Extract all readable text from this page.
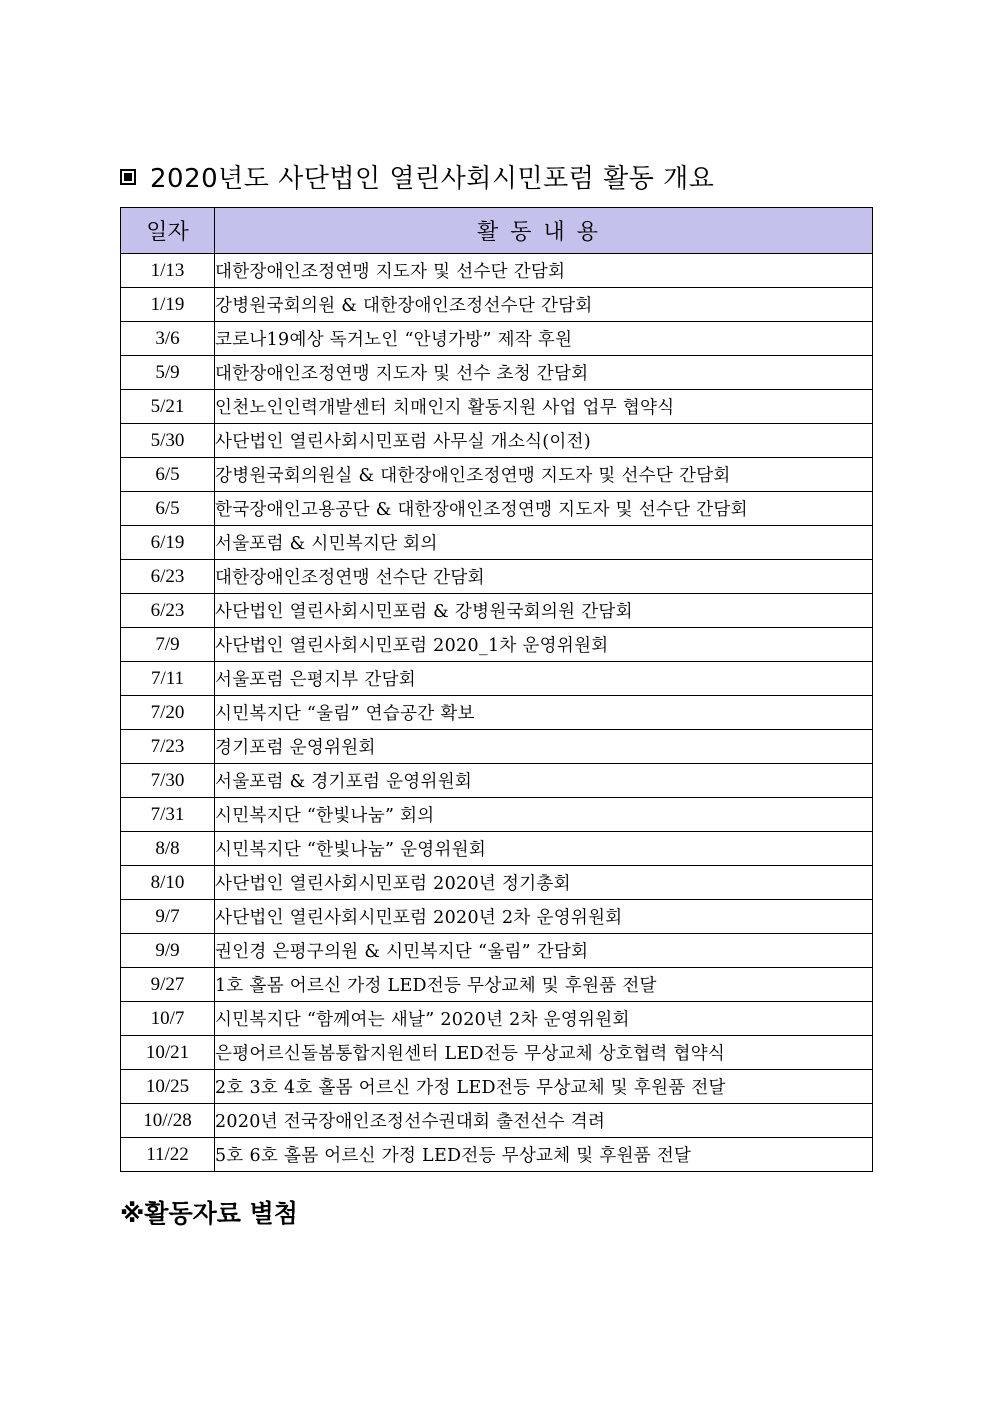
2020년도 사단법인 열린사회시민포럼 활동 개요
일자	활동내용
1/13	대한장애인조정연맹 지도자 및 선수단 간담회
1/19	강병원국회의원 & 대한장애인조정선수단 간담회
3/6	코로나19예상 독거노인 “안녕가방” 제작 후원
5/9	대한장애인조정연맹 지도자 및 선수 초청 간담회
5/21	인천노인인력개발센터 치매인지 활동지원 사업 업무 협약식
5/30	사단법인 열린사회시민포럼 사무실 개소식(이전)
6/5	강병원국회의원실 & 대한장애인조정연맹 지도자 및 선수단 간담회
6/5	한국장애인고용공단 & 대한장애인조정연맹 지도자 및 선수단 간담회
6/19	서울포럼 & 시민복지단 회의
6/23	대한장애인조정연맹 선수단 간담회
6/23	사단법인 열린사회시민포럼 & 강병원국회의원 간담회
7/9	사단법인 열린사회시민포럼 2020_1차 운영위원회
7/11	서울포럼 은평지부 간담회
7/20	시민복지단 “울림” 연습공간 확보
7/23	경기포럼 운영위원회
7/30	서울포럼 & 경기포럼 운영위원회
7/31	시민복지단 “한빛나눔” 회의
8/8	시민복지단 “한빛나눔” 운영위원회
8/10	사단법인 열린사회시민포럼 2020년 정기총회
9/7	사단법인 열린사회시민포럼 2020년 2차 운영위원회
9/9	권인경 은평구의원 & 시민복지단 “울림” 간담회
9/27	1호 홀몸 어르신 가정 LED전등 무상교체 및 후원품 전달
10/7	시민복지단 “함께여는 새날” 2020년 2차 운영위원회
10/21	은평어르신돌봄통합지원센터 LED전등 무상교체 상호협력 협약식
10/25	2호 3호 4호 홀몸 어르신 가정 LED전등 무상교체 및 후원품 전달
10//28	2020년 전국장애인조정선수권대회 출전선수 격려
11/22	5호 6호 홀몸 어르신 가정 LED전등 무상교체 및 후원품 전달
※활동자료 별첨
